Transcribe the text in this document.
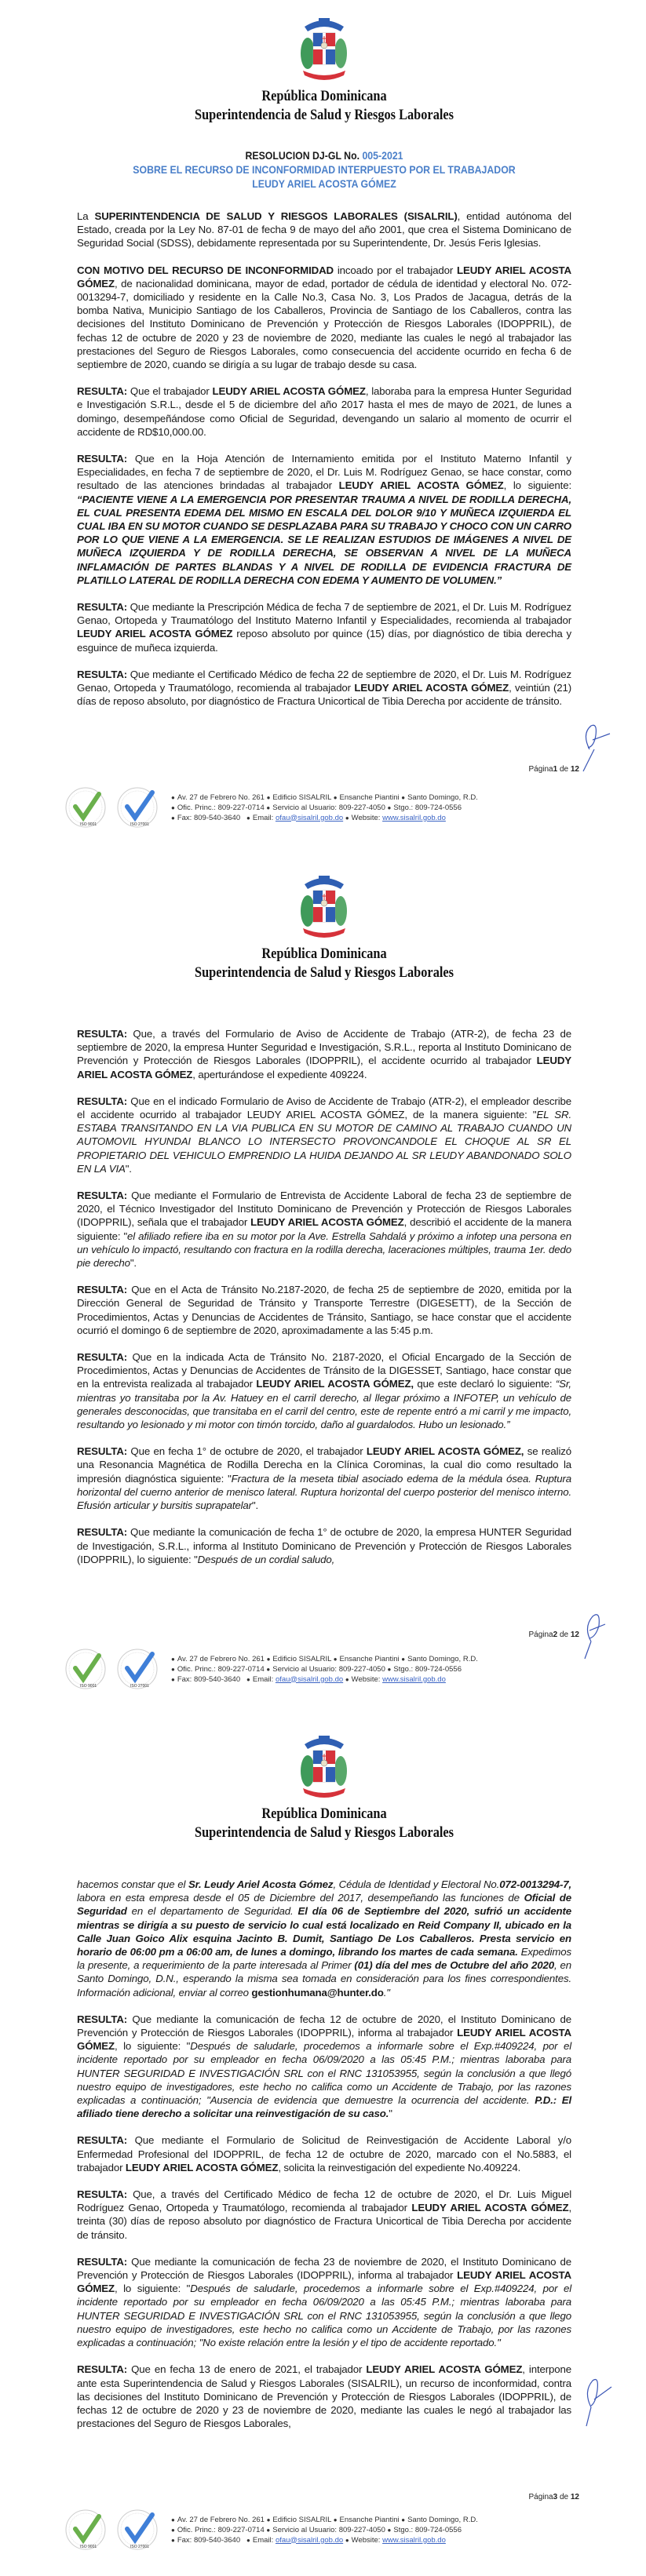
República Dominicana
Superintendencia de Salud y Riesgos Laborales
RESOLUCION DJ-GL No. 005-2021
SOBRE EL RECURSO DE INCONFORMIDAD INTERPUESTO POR EL TRABAJADOR
LEUDY ARIEL ACOSTA GÓMEZ

La SUPERINTENDENCIA DE SALUD Y RIESGOS LABORALES (SISALRIL), entidad autónoma del Estado, creada por la Ley No. 87-01 de fecha 9 de mayo del año 2001, que crea el Sistema Dominicano de Seguridad Social (SDSS), debidamente representada por su Superintendente, Dr. Jesús Feris Iglesias.

CON MOTIVO DEL RECURSO DE INCONFORMIDAD incoado por el trabajador LEUDY ARIEL ACOSTA GÓMEZ, de nacionalidad dominicana, mayor de edad, portador de cédula de identidad y electoral No. 072-0013294-7, domiciliado y residente en la Calle No.3, Casa No. 3, Los Prados de Jacagua, detrás de la bomba Nativa, Municipio Santiago de los Caballeros, Provincia de Santiago de los Caballeros, contra las decisiones del Instituto Dominicano de Prevención y Protección de Riesgos Laborales (IDOPPRIL), de fechas 12 de octubre de 2020 y 23 de noviembre de 2020, mediante las cuales le negó al trabajador las prestaciones del Seguro de Riesgos Laborales, como consecuencia del accidente ocurrido en fecha 6 de septiembre de 2020, cuando se dirigía a su lugar de trabajo desde su casa.

RESULTA: Que el trabajador LEUDY ARIEL ACOSTA GÓMEZ, laboraba para la empresa Hunter Seguridad e Investigación S.R.L., desde el 5 de diciembre del año 2017 hasta el mes de mayo de 2021, de lunes a domingo, desempeñándose como Oficial de Seguridad, devengando un salario al momento de ocurrir el accidente de RD$10,000.00.

RESULTA: Que en la Hoja Atención de Internamiento emitida por el Instituto Materno Infantil y Especialidades, en fecha 7 de septiembre de 2020, el Dr. Luis M. Rodríguez Genao, se hace constar, como resultado de las atenciones brindadas al trabajador LEUDY ARIEL ACOSTA GÓMEZ, lo siguiente: “PACIENTE VIENE A LA EMERGENCIA POR PRESENTAR TRAUMA A NIVEL DE RODILLA DERECHA, EL CUAL PRESENTA EDEMA DEL MISMO EN ESCALA DEL DOLOR 9/10 Y MUÑECA IZQUIERDA EL CUAL IBA EN SU MOTOR CUANDO SE DESPLAZABA PARA SU TRABAJO Y CHOCO CON UN CARRO POR LO QUE VIENE A LA EMERGENCIA. SE LE REALIZAN ESTUDIOS DE IMÁGENES A NIVEL DE MUÑECA IZQUIERDA Y DE RODILLA DERECHA, SE OBSERVAN A NIVEL DE LA MUÑECA INFLAMACIÓN DE PARTES BLANDAS Y A NIVEL DE RODILLA DE EVIDENCIA FRACTURA DE PLATILLO LATERAL DE RODILLA DERECHA CON EDEMA Y AUMENTO DE VOLUMEN.”

RESULTA: Que mediante la Prescripción Médica de fecha 7 de septiembre de 2021, el Dr. Luis M. Rodríguez Genao, Ortopeda y Traumatólogo del Instituto Materno Infantil y Especialidades, recomienda al trabajador LEUDY ARIEL ACOSTA GÓMEZ reposo absoluto por quince (15) días, por diagnóstico de tibia derecha y esguince de muñeca izquierda.

RESULTA: Que mediante el Certificado Médico de fecha 22 de septiembre de 2020, el Dr. Luis M. Rodríguez Genao, Ortopeda y Traumatólogo, recomienda al trabajador LEUDY ARIEL ACOSTA GÓMEZ, veintiún (21) días de reposo absoluto, por diagnóstico de Fractura Unicortical de Tibia Derecha por accidente de tránsito.

Página1 de 12
ISO 9001	ISO 27001
● Av. 27 de Febrero No. 261 ● Edificio SISALRIL ● Ensanche Piantini ● Santo Domingo, R.D.
● Ofic. Princ.: 809-227-0714 ● Servicio al Usuario: 809-227-4050 ● Stgo.: 809-724-0556
● Fax: 809-540-3640 ● Email: ofau@sisalril.gob.do ● Website: www.sisalril.gob.do
República Dominicana
Superintendencia de Salud y Riesgos Laborales

RESULTA: Que, a través del Formulario de Aviso de Accidente de Trabajo (ATR-2), de fecha 23 de septiembre de 2020, la empresa Hunter Seguridad e Investigación, S.R.L., reporta al Instituto Dominicano de Prevención y Protección de Riesgos Laborales (IDOPPRIL), el accidente ocurrido al trabajador LEUDY ARIEL ACOSTA GÓMEZ, aperturándose el expediente 409224.

RESULTA: Que en el indicado Formulario de Aviso de Accidente de Trabajo (ATR-2), el empleador describe el accidente ocurrido al trabajador LEUDY ARIEL ACOSTA GÓMEZ, de la manera siguiente: "EL SR. ESTABA TRANSITANDO EN LA VIA PUBLICA EN SU MOTOR DE CAMINO AL TRABAJO CUANDO UN AUTOMOVIL HYUNDAI BLANCO LO INTERSECTO PROVONCANDOLE EL CHOQUE AL SR EL PROPIETARIO DEL VEHICULO EMPRENDIO LA HUIDA DEJANDO AL SR LEUDY ABANDONADO SOLO EN LA VIA".

RESULTA: Que mediante el Formulario de Entrevista de Accidente Laboral de fecha 23 de septiembre de 2020, el Técnico Investigador del Instituto Dominicano de Prevención y Protección de Riesgos Laborales (IDOPPRIL), señala que el trabajador LEUDY ARIEL ACOSTA GÓMEZ, describió el accidente de la manera siguiente: "el afiliado refiere iba en su motor por la Ave. Estrella Sahdalá y próximo a infotep una persona en un vehículo lo impactó, resultando con fractura en la rodilla derecha, laceraciones múltiples, trauma 1er. dedo pie derecho".

RESULTA: Que en el Acta de Tránsito No.2187-2020, de fecha 25 de septiembre de 2020, emitida por la Dirección General de Seguridad de Tránsito y Transporte Terrestre (DIGESETT), de la Sección de Procedimientos, Actas y Denuncias de Accidentes de Tránsito, Santiago, se hace constar que el accidente ocurrió el domingo 6 de septiembre de 2020, aproximadamente a las 5:45 p.m.

RESULTA: Que en la indicada Acta de Tránsito No. 2187-2020, el Oficial Encargado de la Sección de Procedimientos, Actas y Denuncias de Accidentes de Tránsito de la DIGESSET, Santiago, hace constar que en la entrevista realizada al trabajador LEUDY ARIEL ACOSTA GÓMEZ, que este declaró lo siguiente: “Sr, mientras yo transitaba por la Av. Hatuey en el carril derecho, al llegar próximo a INFOTEP, un vehículo de generales desconocidas, que transitaba en el carril del centro, este de repente entró a mi carril y me impacto, resultando yo lesionado y mi motor con timón torcido, daño al guardalodos. Hubo un lesionado.”

RESULTA: Que en fecha 1° de octubre de 2020, el trabajador LEUDY ARIEL ACOSTA GÓMEZ, se realizó una Resonancia Magnética de Rodilla Derecha en la Clínica Corominas, la cual dio como resultado la impresión diagnóstica siguiente: "Fractura de la meseta tibial asociado edema de la médula ósea. Ruptura horizontal del cuerno anterior de menisco lateral. Ruptura horizontal del cuerpo posterior del menisco interno. Efusión articular y bursitis suprapatelar".

RESULTA: Que mediante la comunicación de fecha 1° de octubre de 2020, la empresa HUNTER Seguridad de Investigación, S.R.L., informa al Instituto Dominicano de Prevención y Protección de Riesgos Laborales (IDOPPRIL), lo siguiente: "Después de un cordial saludo,

Página2 de 12
ISO 9001	ISO 27001
● Av. 27 de Febrero No. 261 ● Edificio SISALRIL ● Ensanche Piantini ● Santo Domingo, R.D.
● Ofic. Princ.: 809-227-0714 ● Servicio al Usuario: 809-227-4050 ● Stgo.: 809-724-0556
● Fax: 809-540-3640 ● Email: ofau@sisalril.gob.do ● Website: www.sisalril.gob.do
República Dominicana
Superintendencia de Salud y Riesgos Laborales

hacemos constar que el Sr. Leudy Ariel Acosta Gómez, Cédula de Identidad y Electoral No.072-0013294-7, labora en esta empresa desde el 05 de Diciembre del 2017, desempeñando las funciones de Oficial de Seguridad en el departamento de Seguridad. El día 06 de Septiembre del 2020, sufrió un accidente mientras se dirigía a su puesto de servicio lo cual está localizado en Reid Company II, ubicado en la Calle Juan Goico Alix esquina Jacinto B. Dumit, Santiago De Los Caballeros. Presta servicio en horario de 06:00 pm a 06:00 am, de lunes a domingo, librando los martes de cada semana. Expedimos la presente, a requerimiento de la parte interesada al Primer (01) día del mes de Octubre del año 2020, en Santo Domingo, D.N., esperando la misma sea tomada en consideración para los fines correspondientes. Información adicional, enviar al correo gestionhumana@hunter.do."

RESULTA: Que mediante la comunicación de fecha 12 de octubre de 2020, el Instituto Dominicano de Prevención y Protección de Riesgos Laborales (IDOPPRIL), informa al trabajador LEUDY ARIEL ACOSTA GÓMEZ, lo siguiente: "Después de saludarle, procedemos a informarle sobre el Exp.#409224, por el incidente reportado por su empleador en fecha 06/09/2020 a las 05:45 P.M.; mientras laboraba para HUNTER SEGURIDAD E INVESTIGACIÓN SRL con el RNC 131053955, según la conclusión a que llegó nuestro equipo de investigadores, este hecho no califica como un Accidente de Trabajo, por las razones explicadas a continuación; "Ausencia de evidencia que demuestre la ocurrencia del accidente. P.D.: El afiliado tiene derecho a solicitar una reinvestigación de su caso."

RESULTA: Que mediante el Formulario de Solicitud de Reinvestigación de Accidente Laboral y/o Enfermedad Profesional del IDOPPRIL, de fecha 12 de octubre de 2020, marcado con el No.5883, el trabajador LEUDY ARIEL ACOSTA GÓMEZ, solicita la reinvestigación del expediente No.409224.

RESULTA: Que, a través del Certificado Médico de fecha 12 de octubre de 2020, el Dr. Luis Miguel Rodríguez Genao, Ortopeda y Traumatólogo, recomienda al trabajador LEUDY ARIEL ACOSTA GÓMEZ, treinta (30) días de reposo absoluto por diagnóstico de Fractura Unicortical de Tibia Derecha por accidente de tránsito.

RESULTA: Que mediante la comunicación de fecha 23 de noviembre de 2020, el Instituto Dominicano de Prevención y Protección de Riesgos Laborales (IDOPPRIL), informa al trabajador LEUDY ARIEL ACOSTA GÓMEZ, lo siguiente: "Después de saludarle, procedemos a informarle sobre el Exp.#409224, por el incidente reportado por su empleador en fecha 06/09/2020 a las 05:45 P.M.; mientras laboraba para HUNTER SEGURIDAD E INVESTIGACIÓN SRL con el RNC 131053955, según la conclusión a que llego nuestro equipo de investigadores, este hecho no califica como un Accidente de Trabajo, por las razones explicadas a continuación; "No existe relación entre la lesión y el tipo de accidente reportado."

RESULTA: Que en fecha 13 de enero de 2021, el trabajador LEUDY ARIEL ACOSTA GÓMEZ, interpone ante esta Superintendencia de Salud y Riesgos Laborales (SISALRIL), un recurso de inconformidad, contra las decisiones del Instituto Dominicano de Prevención y Protección de Riesgos Laborales (IDOPPRIL), de fechas 12 de octubre de 2020 y 23 de noviembre de 2020, mediante las cuales le negó al trabajador las prestaciones del Seguro de Riesgos Laborales,

Página3 de 12
ISO 9001	ISO 27001
● Av. 27 de Febrero No. 261 ● Edificio SISALRIL ● Ensanche Piantini ● Santo Domingo, R.D.
● Ofic. Princ.: 809-227-0714 ● Servicio al Usuario: 809-227-4050 ● Stgo.: 809-724-0556
● Fax: 809-540-3640 ● Email: ofau@sisalril.gob.do ● Website: www.sisalril.gob.do
